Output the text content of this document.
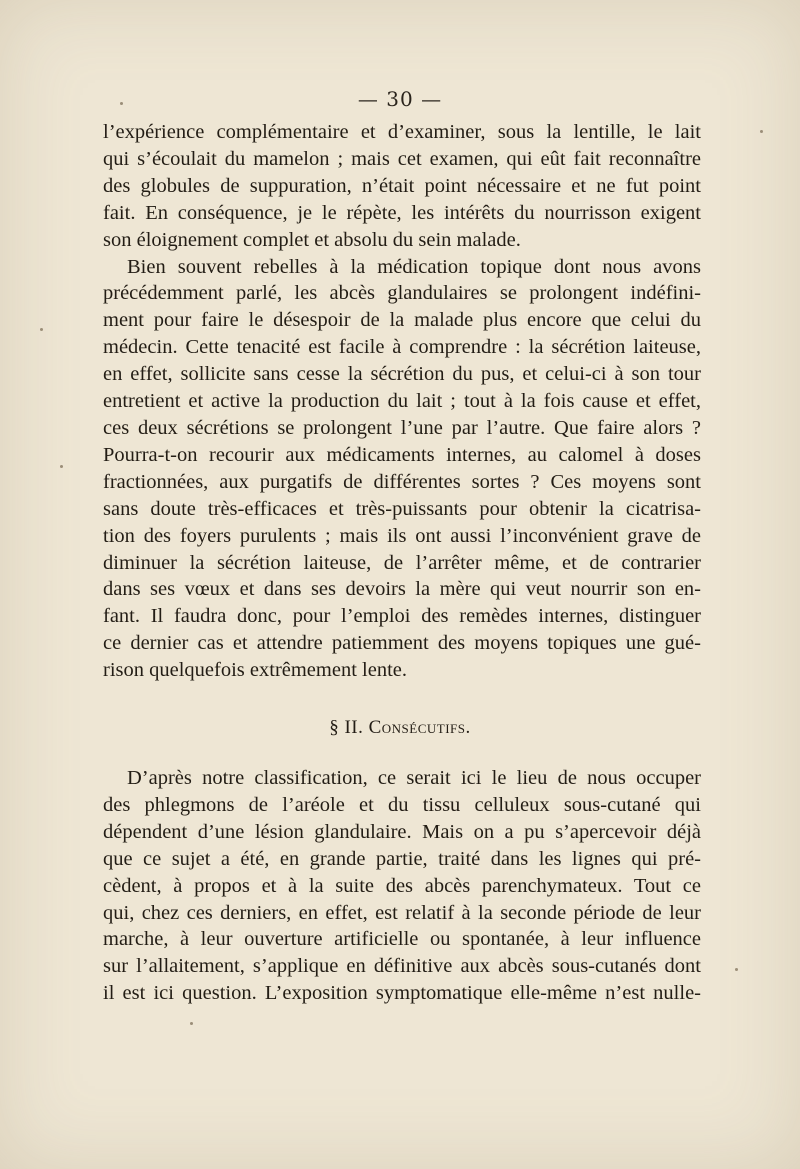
— 30 —

l’expérience complémentaire et d’examiner, sous la lentille, le lait

qui s’écoulait du mamelon ; mais cet examen, qui eût fait reconnaître

des globules de suppuration, n’était point nécessaire et ne fut point

fait. En conséquence, je le répète, les intérêts du nourrisson exigent

son éloignement complet et absolu du sein malade.

Bien souvent rebelles à la médication topique dont nous avons

précédemment parlé, les abcès glandulaires se prolongent indéfini-

ment pour faire le désespoir de la malade plus encore que celui du

médecin. Cette tenacité est facile à comprendre : la sécrétion laiteuse,

en effet, sollicite sans cesse la sécrétion du pus, et celui-ci à son tour

entretient et active la production du lait ; tout à la fois cause et effet,

ces deux sécrétions se prolongent l’une par l’autre. Que faire alors ?

Pourra-t-on recourir aux médicaments internes, au calomel à doses

fractionnées, aux purgatifs de différentes sortes ? Ces moyens sont

sans doute très-efficaces et très-puissants pour obtenir la cicatrisa-

tion des foyers purulents ; mais ils ont aussi l’inconvénient grave de

diminuer la sécrétion laiteuse, de l’arrêter même, et de contrarier

dans ses vœux et dans ses devoirs la mère qui veut nourrir son en-

fant. Il faudra donc, pour l’emploi des remèdes internes, distinguer

ce dernier cas et attendre patiemment des moyens topiques une gué-

rison quelquefois extrêmement lente.

§ II. Consécutifs.

D’après notre classification, ce serait ici le lieu de nous occuper

des phlegmons de l’aréole et du tissu celluleux sous-cutané qui

dépendent d’une lésion glandulaire. Mais on a pu s’apercevoir déjà

que ce sujet a été, en grande partie, traité dans les lignes qui pré-

cèdent, à propos et à la suite des abcès parenchymateux. Tout ce

qui, chez ces derniers, en effet, est relatif à la seconde période de leur

marche, à leur ouverture artificielle ou spontanée, à leur influence

sur l’allaitement, s’applique en définitive aux abcès sous-cutanés dont

il est ici question. L’exposition symptomatique elle-même n’est nulle-
